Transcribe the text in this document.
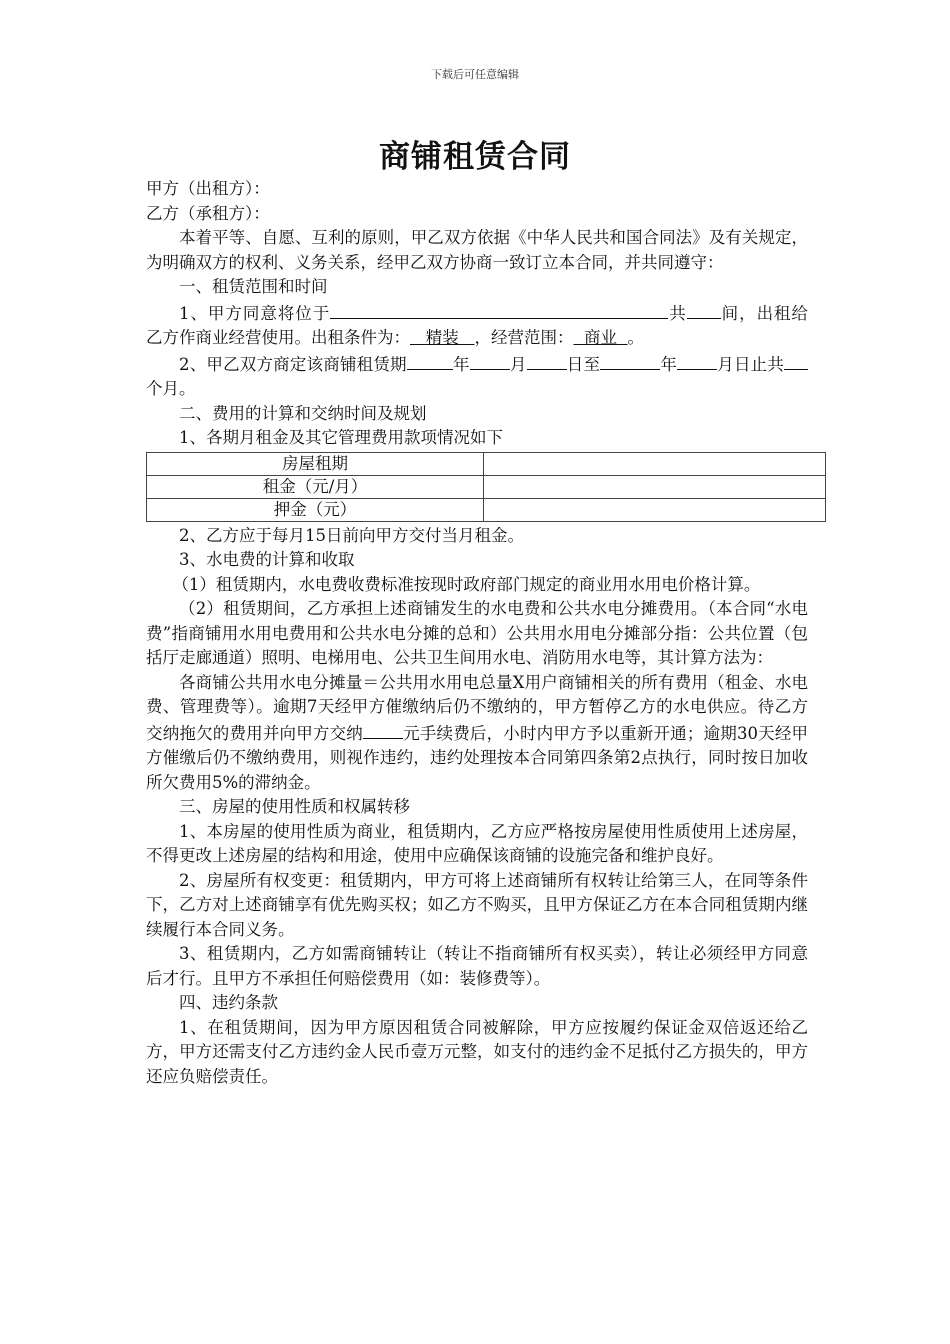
下载后可任意编辑
商铺租赁合同

甲方（出租方）：

乙方（承租方）：

本着平等、自愿、互利的原则，甲乙双方依据《中华人民共和国合同法》及有关规定，为明确双方的权利、义务关系，经甲乙双方协商一致订立本合同，并共同遵守：

一、租赁范围和时间

1、甲方同意将位于	共 间，出租给乙方作商业经营使用。出租条件为： 精装 ，经营范围： 商业 。

2、甲乙双方商定该商铺租赁期	年 月 日至	年 月日止共个月。

二、费用的计算和交纳时间及规划

1、各期月租金及其它管理费用款项情况如下

房屋租期	
租金（元/月）	
押金（元）	

2、乙方应于每月15日前向甲方交付当月租金。

3、水电费的计算和收取

（1）租赁期内，水电费收费标准按现时政府部门规定的商业用水用电价格计算。

（2）租赁期间，乙方承担上述商铺发生的水电费和公共水电分摊费用。（本合同“水电费”指商铺用水用电费用和公共水电分摊的总和）公共用水用电分摊部分指：公共位置（包括厅走廊通道）照明、电梯用电、公共卫生间用水电、消防用水电等，其计算方法为：

各商铺公共用水电分摊量＝公共用水用电总量X用户商铺相关的所有费用（租金、水电费、管理费等）。逾期7天经甲方催缴纳后仍不缴纳的，甲方暂停乙方的水电供应。待乙方交纳拖欠的费用并向甲方交纳 元手续费后，小时内甲方予以重新开通；逾期30天经甲方催缴后仍不缴纳费用，则视作违约，违约处理按本合同第四条第2点执行，同时按日加收所欠费用5%的滞纳金。

三、房屋的使用性质和权属转移

1、本房屋的使用性质为商业，租赁期内，乙方应严格按房屋使用性质使用上述房屋，不得更改上述房屋的结构和用途，使用中应确保该商铺的设施完备和维护良好。

2、房屋所有权变更：租赁期内，甲方可将上述商铺所有权转让给第三人，在同等条件下，乙方对上述商铺享有优先购买权；如乙方不购买，且甲方保证乙方在本合同租赁期内继续履行本合同义务。

3、租赁期内，乙方如需商铺转让（转让不指商铺所有权买卖），转让必须经甲方同意后才行。且甲方不承担任何赔偿费用（如：装修费等）。

四、违约条款

1、在租赁期间，因为甲方原因租赁合同被解除，甲方应按履约保证金双倍返还给乙方，甲方还需支付乙方违约金人民币壹万元整，如支付的违约金不足抵付乙方损失的，甲方还应负赔偿责任。
